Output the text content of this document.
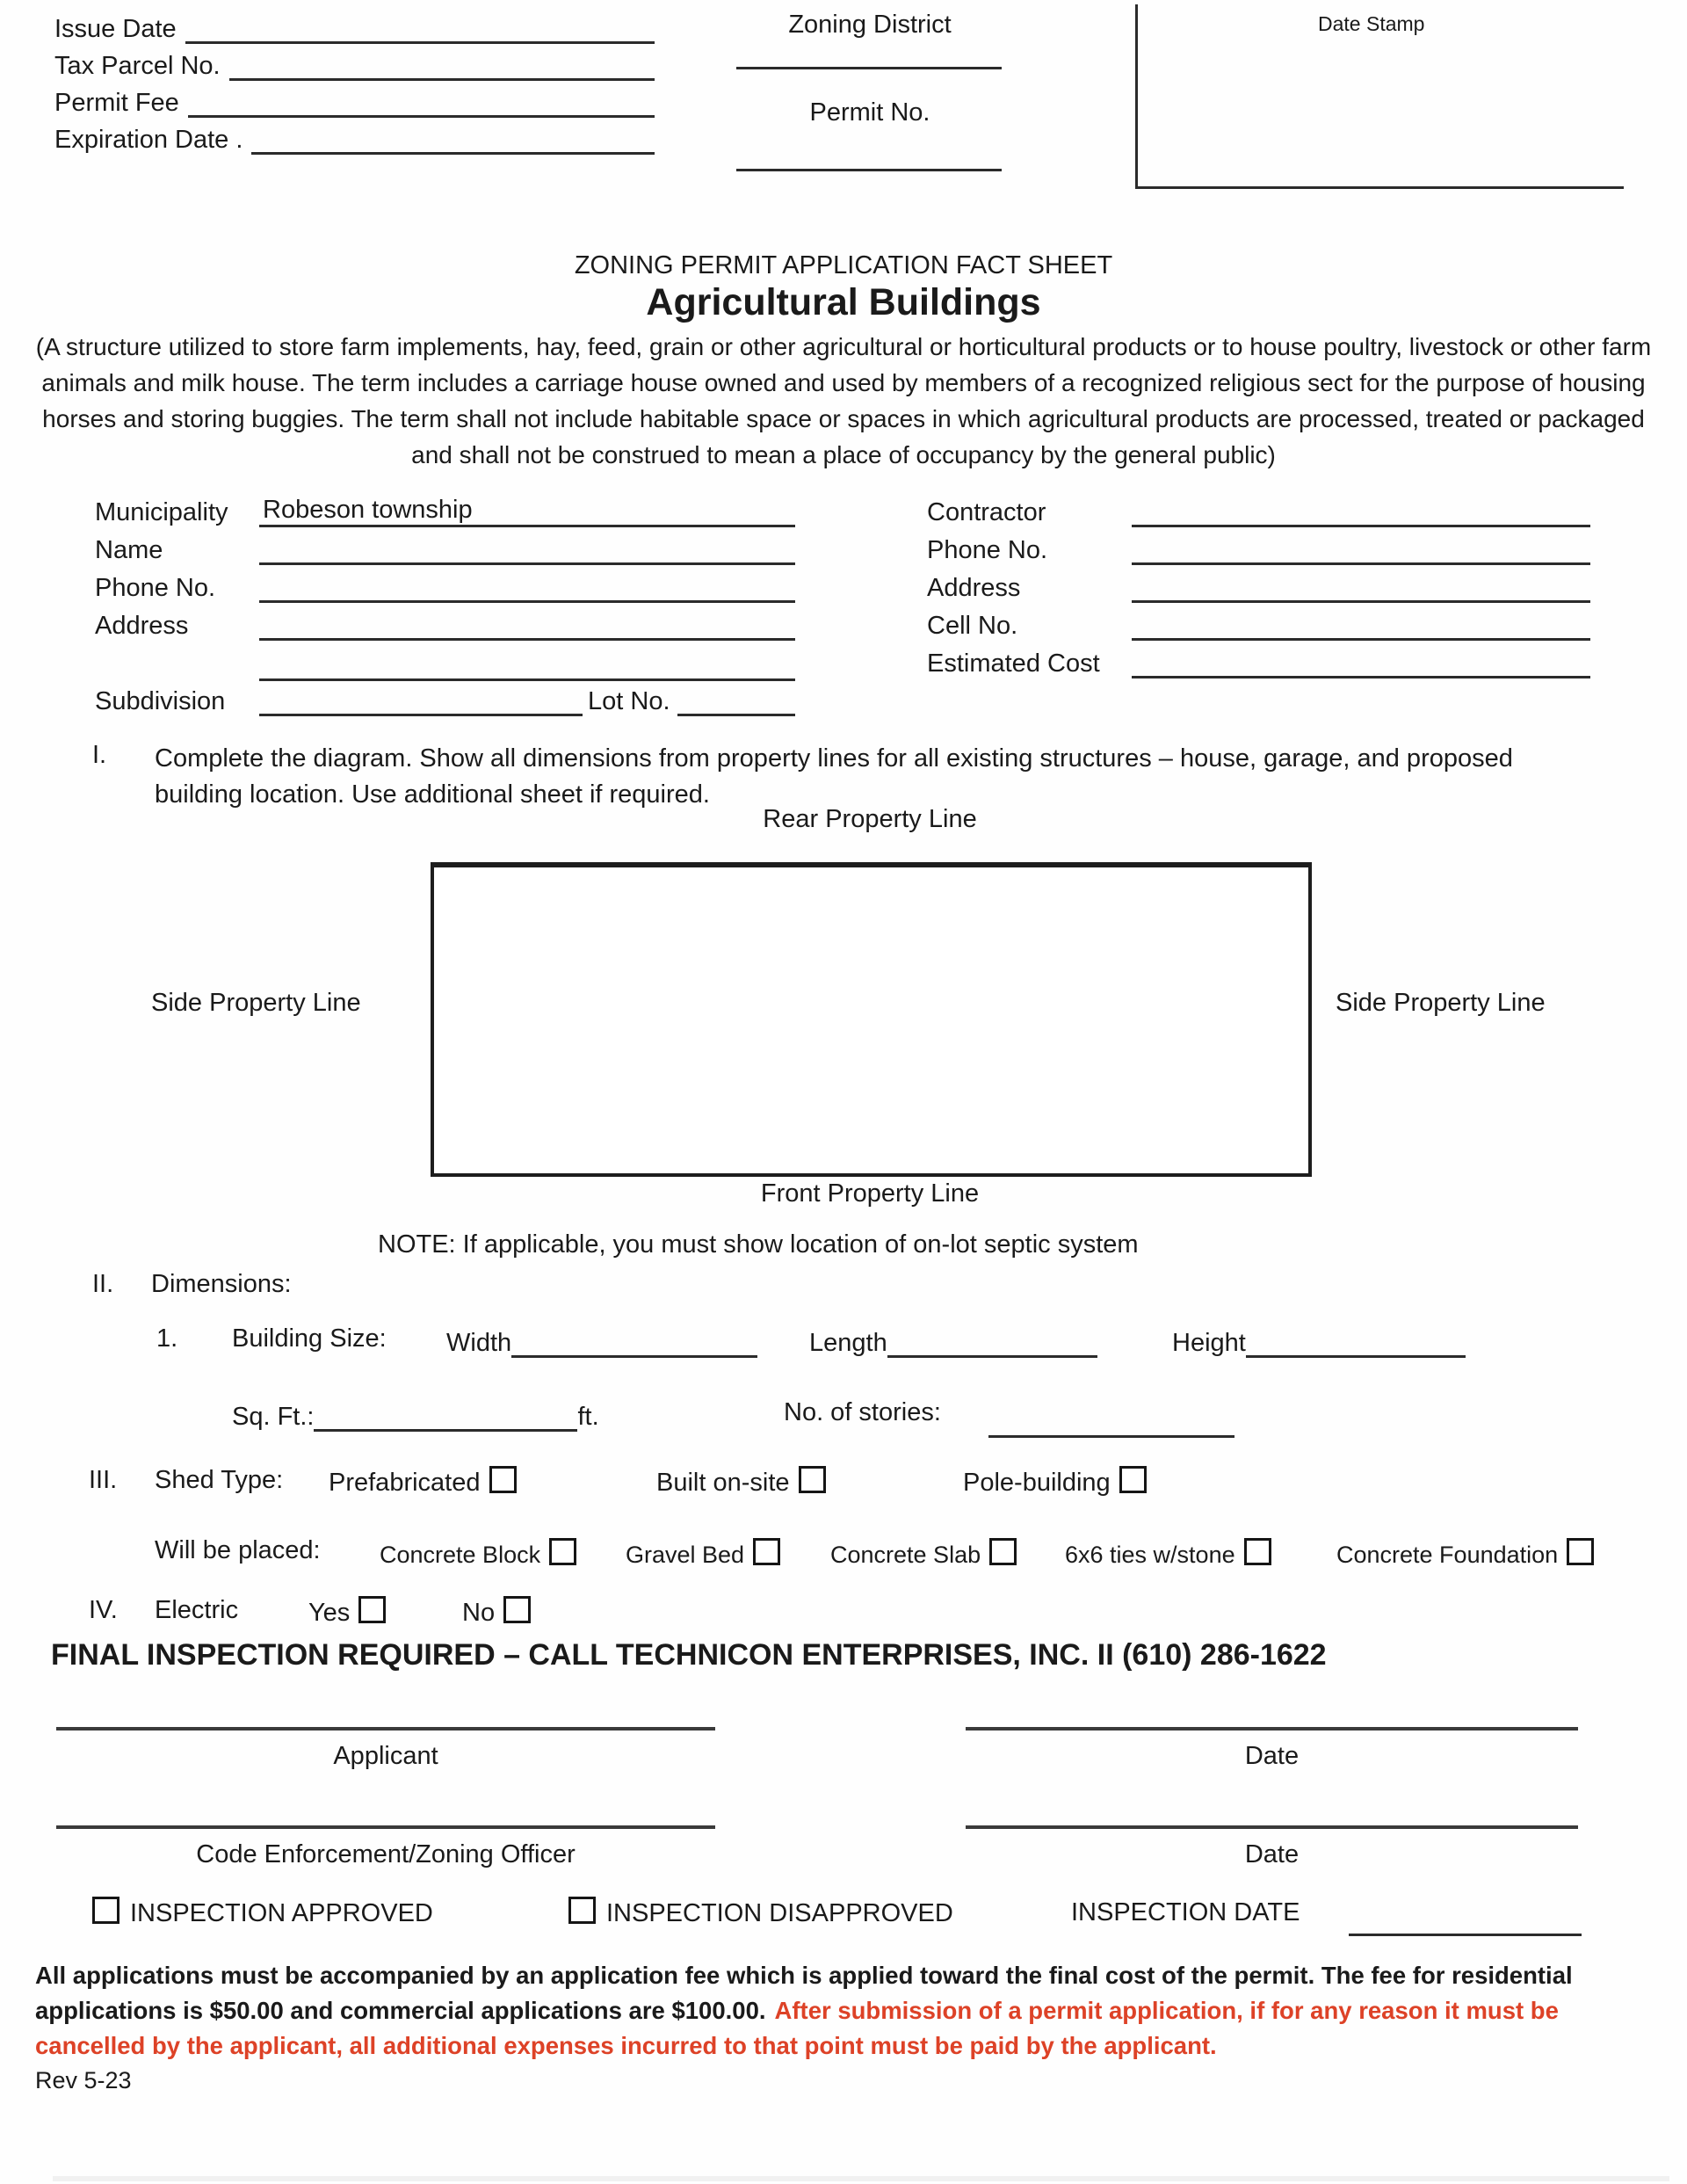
Issue Date
Tax Parcel No.
Permit Fee
Expiration Date .
Zoning District
Permit No.
Date Stamp
ZONING PERMIT APPLICATION FACT SHEET
Agricultural Buildings
(A structure utilized to store farm implements, hay, feed, grain or other agricultural or horticultural products or to house poultry, livestock or other farm animals and milk house. The term includes a carriage house owned and used by members of a recognized religious sect for the purpose of housing horses and storing buggies. The term shall not include habitable space or spaces in which agricultural products are processed, treated or packaged and shall not be construed to mean a place of occupancy by the general public)
Municipality	Robeson township
Name
Phone No.
Address
Subdivision	Lot No.
Contractor
Phone No.
Address
Cell No.
Estimated Cost
I. Complete the diagram. Show all dimensions from property lines for all existing structures – house, garage, and proposed building location. Use additional sheet if required.
Rear Property Line
Side Property Line	Side Property Line
Front Property Line
NOTE: If applicable, you must show location of on-lot septic system
II. Dimensions:
1. Building Size: Width	Length	Height
Sq. Ft.:	ft.	No. of stories:
III. Shed Type: Prefabricated	Built on-site	Pole-building
Will be placed: Concrete Block	Gravel Bed	Concrete Slab	6x6 ties w/stone	Concrete Foundation
IV. Electric	Yes	No
FINAL INSPECTION REQUIRED – CALL TECHNICON ENTERPRISES, INC. II (610) 286-1622
Applicant	Date
Code Enforcement/Zoning Officer	Date
INSPECTION APPROVED	INSPECTION DISAPPROVED	INSPECTION DATE
All applications must be accompanied by an application fee which is applied toward the final cost of the permit. The fee for residential applications is $50.00 and commercial applications are $100.00. After submission of a permit application, if for any reason it must be cancelled by the applicant, all additional expenses incurred to that point must be paid by the applicant.
Rev 5-23
